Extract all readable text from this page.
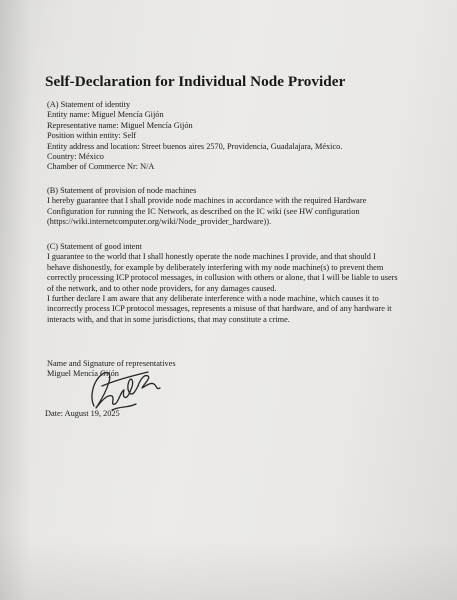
Self-Declaration for Individual Node Provider
(A) Statement of identity
Entity name: Miguel Mencía Gijón
Representative name: Miguel Mencía Gijón
Position within entity: Self
Entity address and location: Street buenos aires 2570, Providencia, Guadalajara, México.
Country: México
Chamber of Commerce Nr: N/A
(B) Statement of provision of node machines
I hereby guarantee that I shall provide node machines in accordance with the required Hardware
Configuration for running the IC Network, as described on the IC wiki (see HW configuration
(https://wiki.internetcomputer.org/wiki/Node_provider_hardware)).
(C) Statement of good intent
I guarantee to the world that I shall honestly operate the node machines I provide, and that should I
behave dishonestly, for example by deliberately interfering with my node machine(s) to prevent them
correctly processing ICP protocol messages, in collusion with others or alone, that I will be liable to users
of the network, and to other node providers, for any damages caused.
I further declare I am aware that any deliberate interference with a node machine, which causes it to
incorrectly process ICP protocol messages, represents a misuse of that hardware, and of any hardware it
interacts with, and that in some jurisdictions, that may constitute a crime.
Name and Signature of representatives
Miguel Mencía Gijón
Date: August 19, 2025
